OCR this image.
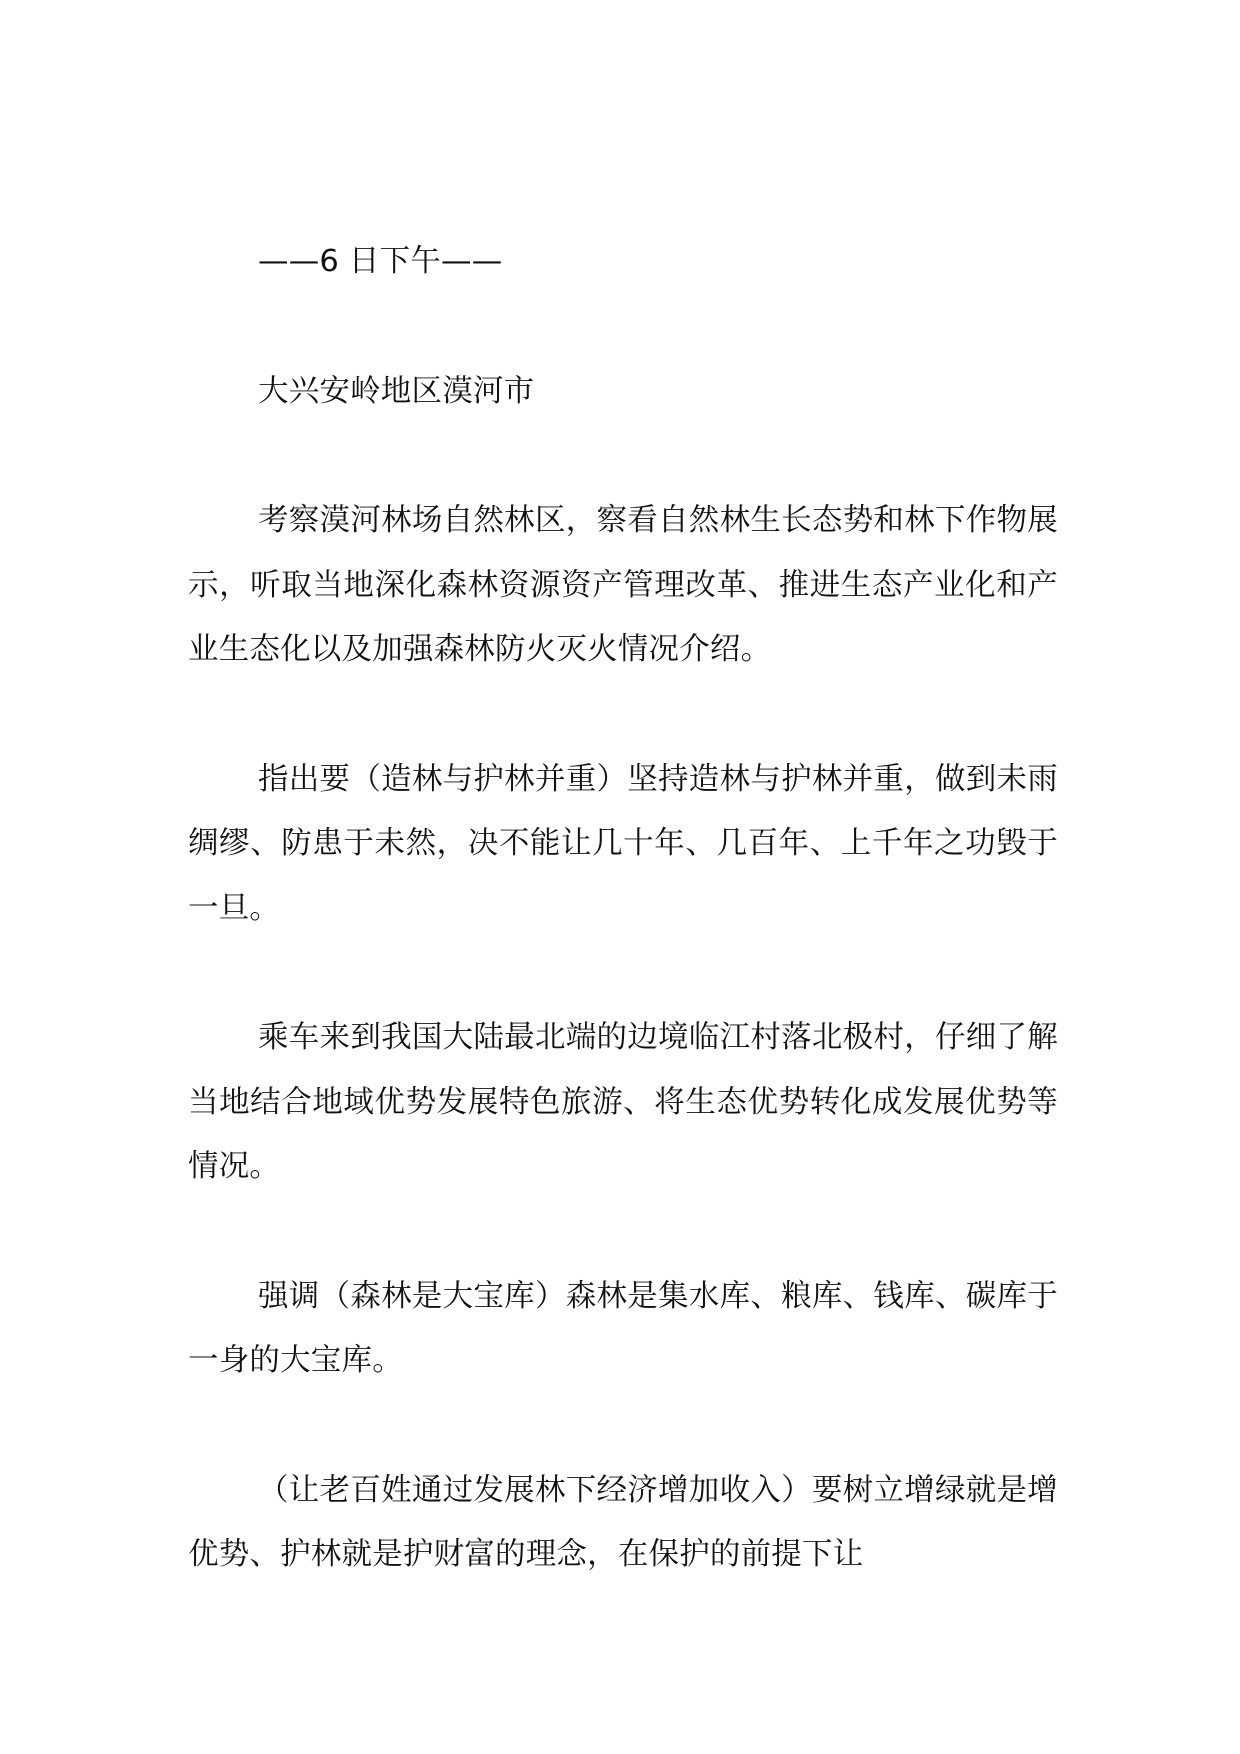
——6 日下午——

大兴安岭地区漠河市

考察漠河林场自然林区，察看自然林生长态势和林下作物展示，听取当地深化森林资源资产管理改革、推进生态产业化和产业生态化以及加强森林防火灭火情况介绍。

指出要（造林与护林并重）坚持造林与护林并重，做到未雨绸缪、防患于未然，决不能让几十年、几百年、上千年之功毁于一旦。

乘车来到我国大陆最北端的边境临江村落北极村，仔细了解当地结合地域优势发展特色旅游、将生态优势转化成发展优势等情况。

强调（森林是大宝库）森林是集水库、粮库、钱库、碳库于一身的大宝库。

（让老百姓通过发展林下经济增加收入）要树立增绿就是增优势、护林就是护财富的理念，在保护的前提下让
